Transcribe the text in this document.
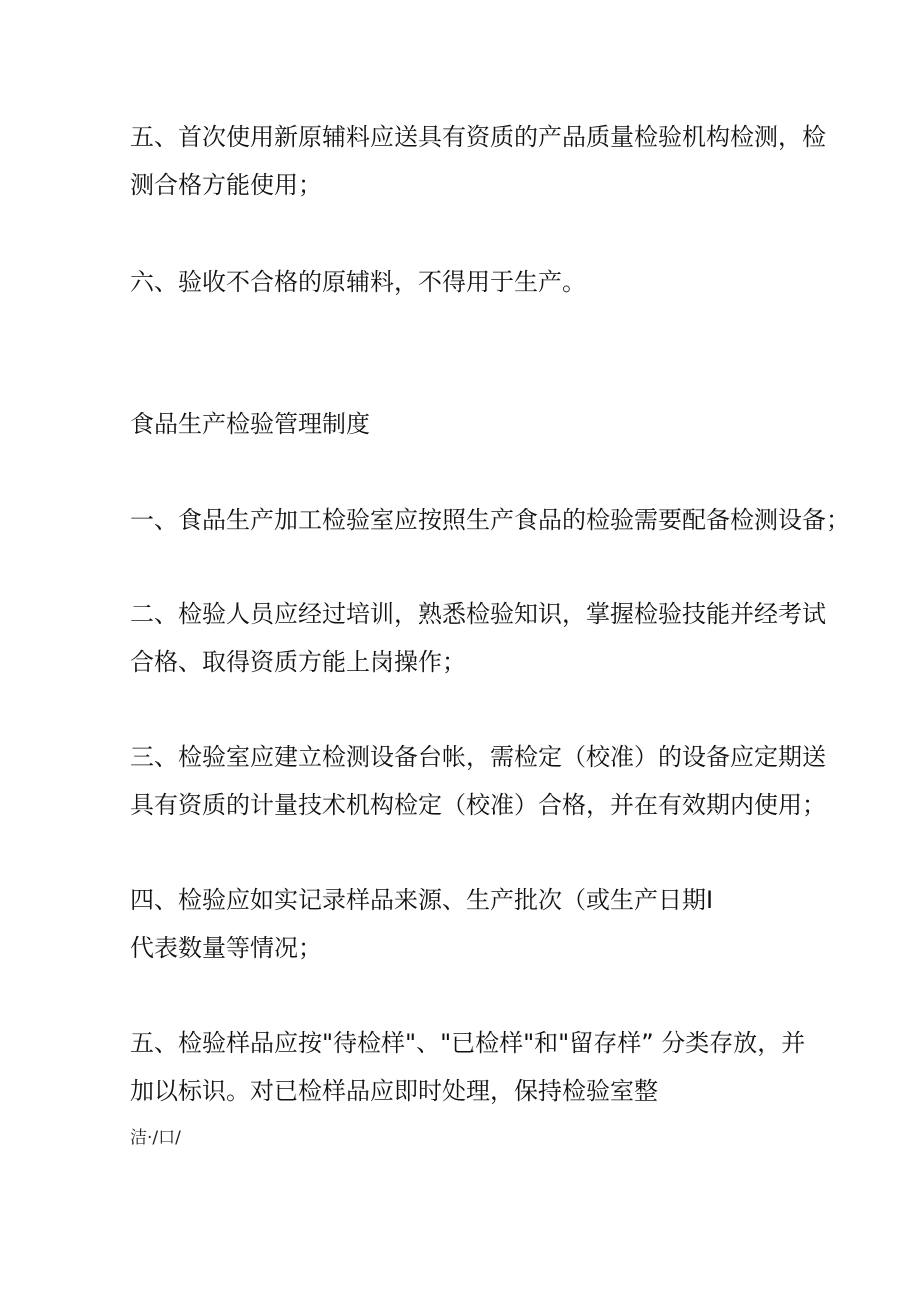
五、首次使用新原辅料应送具有资质的产品质量检验机构检测，检
测合格方能使用；
六、验收不合格的原辅料，不得用于生产。
食品生产检验管理制度
一、食品生产加工检验室应按照生产食品的检验需要配备检测设备；
二、检验人员应经过培训，熟悉检验知识，掌握检验技能并经考试
合格、取得资质方能上岗操作；
三、检验室应建立检测设备台帐，需检定（校准）的设备应定期送
具有资质的计量技术机构检定（校准）合格，并在有效期内使用；
四、检验应如实记录样品来源、生产批次（或生产日期I
代表数量等情况；
五、检验样品应按"待检样"、"已检样"和"留存样” 分类存放，并
加以标识。对已检样品应即时处理，保持检验室整
洁·/口/
